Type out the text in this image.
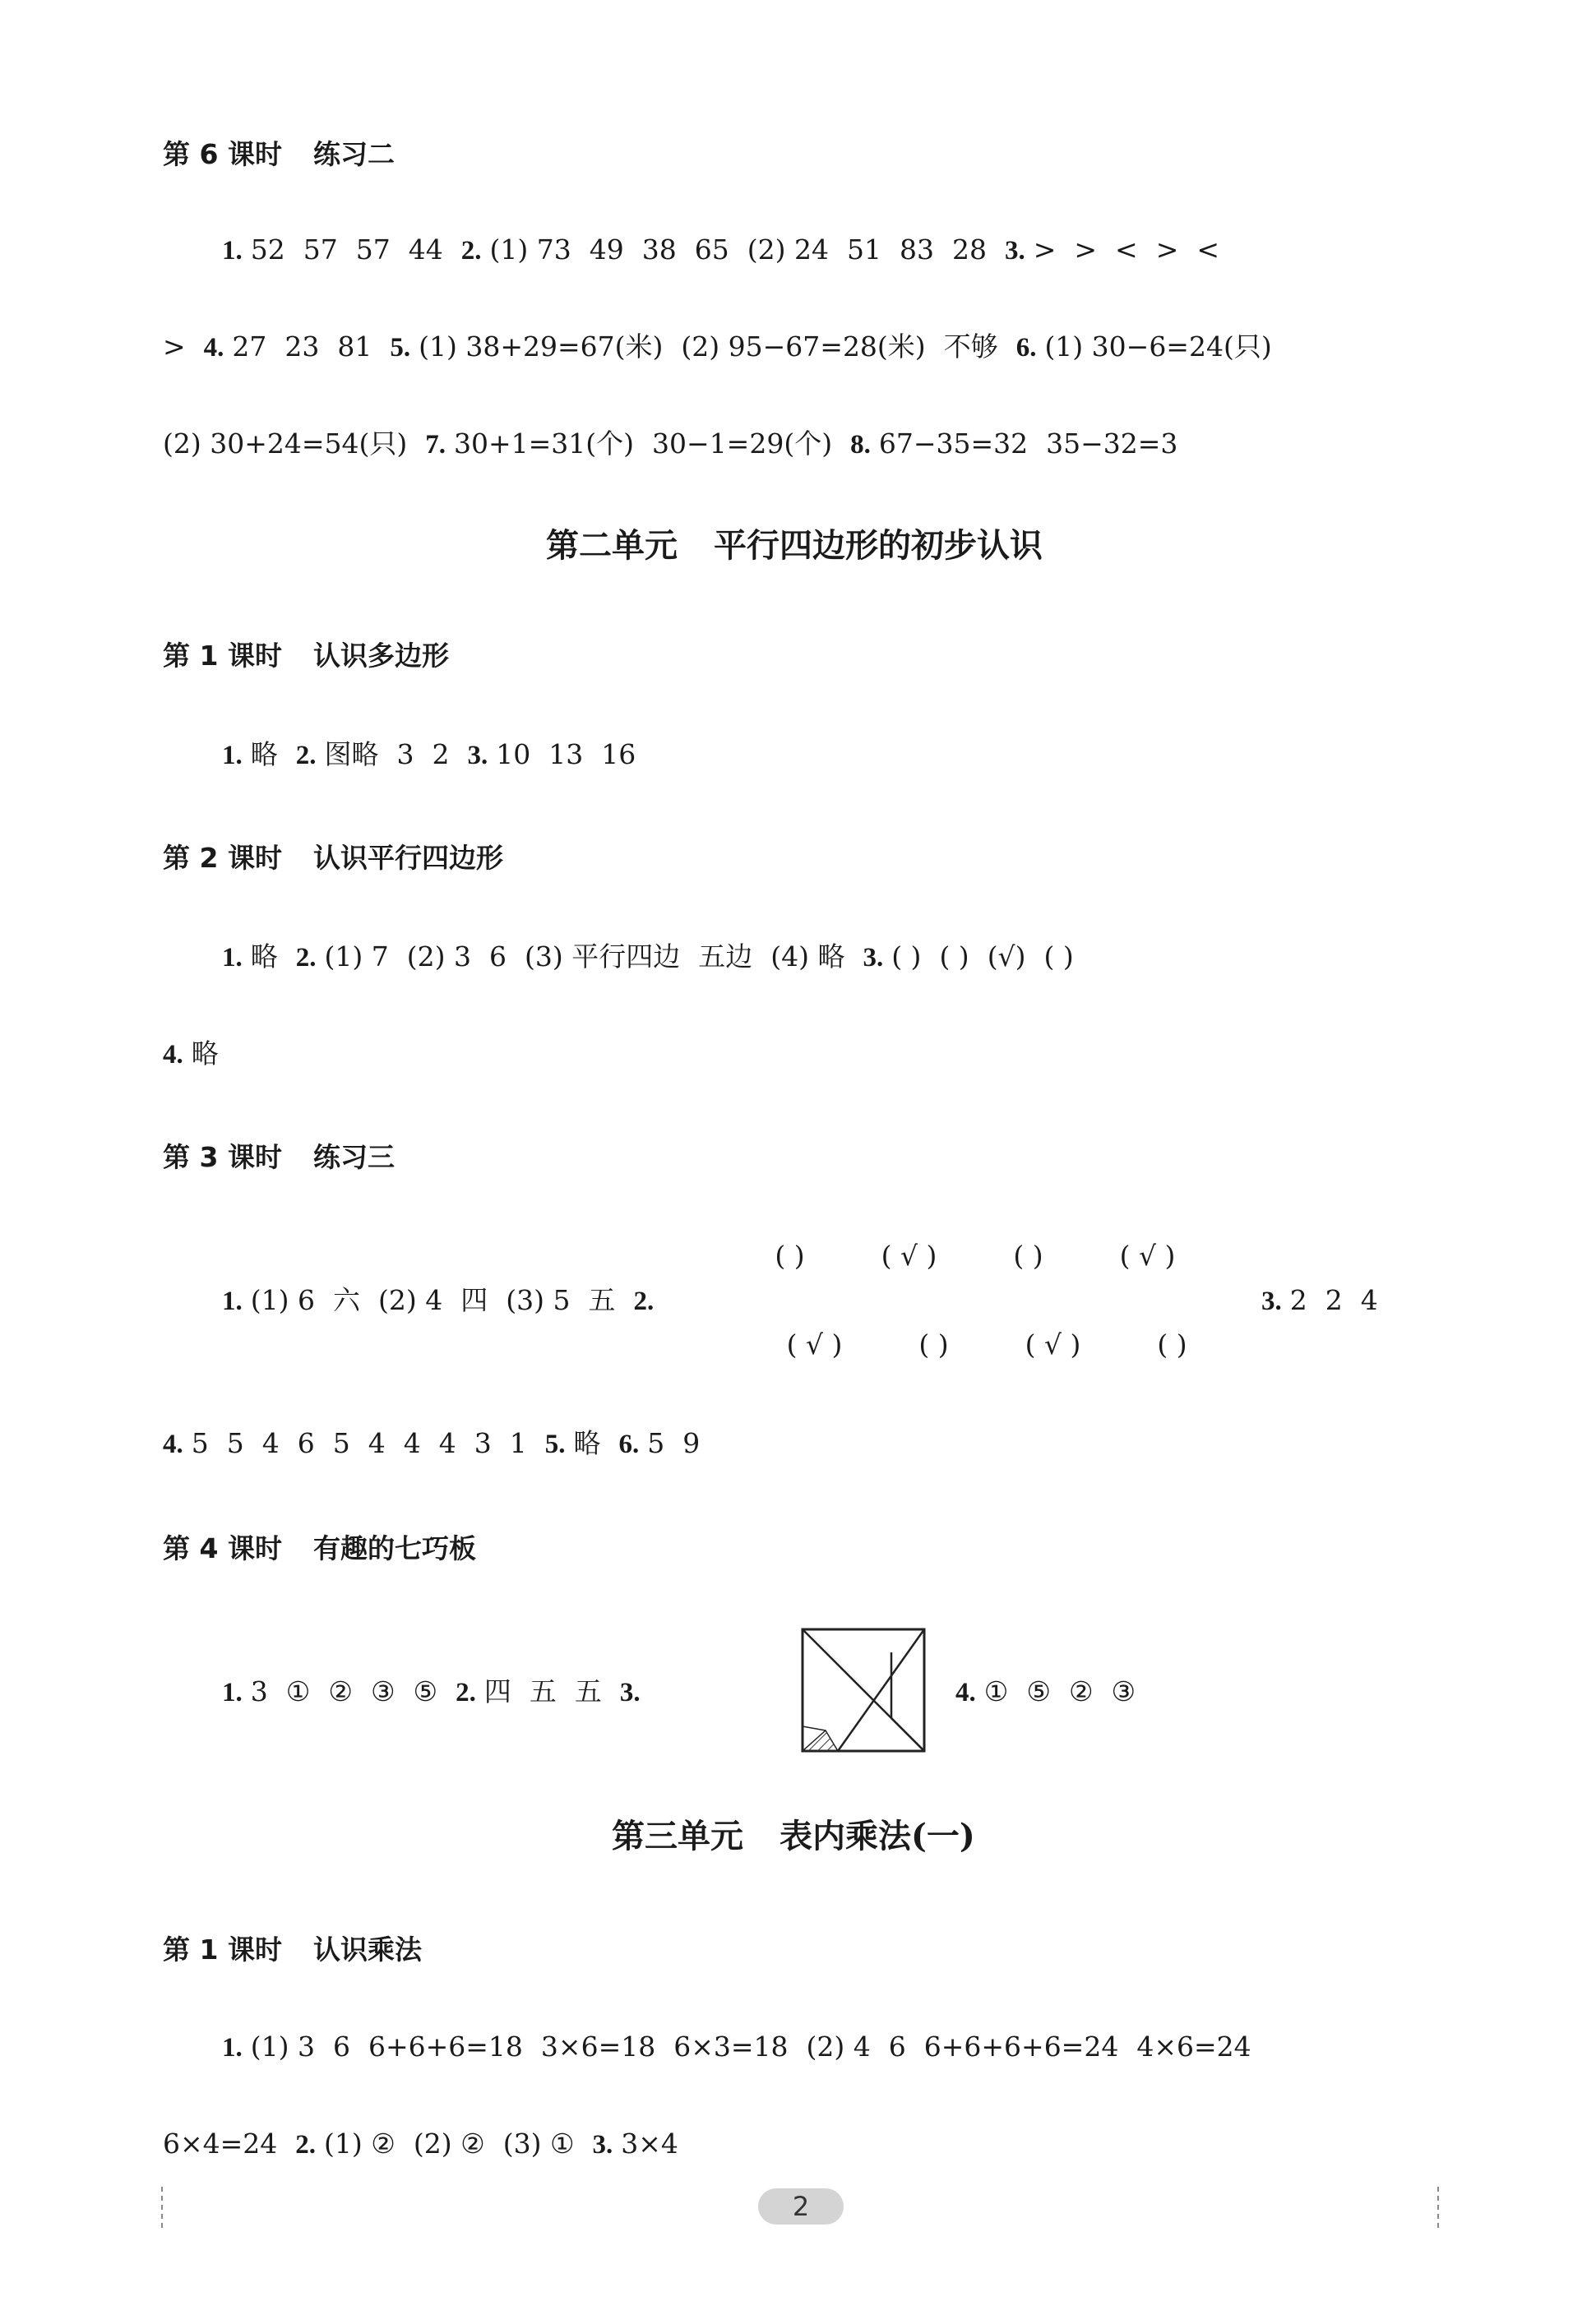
第 6 课时 练习二
1. 52 57 57 44 2. (1) 73 49 38 65 (2) 24 51 83 28 3. > > < > <
> 4. 27 23 81 5. (1) 38+29=67(米) (2) 95−67=28(米) 不够 6. (1) 30−6=24(只)
(2) 30+24=54(只) 7. 30+1=31(个) 30−1=29(个) 8. 67−35=32 35−32=3
第二单元 平行四边形的初步认识
第 1 课时 认识多边形
1. 略 2. 图略 3 2 3. 10 13 16
第 2 课时 认识平行四边形
1. 略 2. (1) 7 (2) 3 6 (3) 平行四边 五边 (4) 略 3. ( ) ( ) (√) ( )
4. 略
第 3 课时 练习三
( )	( √ )	( )	( √ )
1. (1) 6 六 (2) 4 四 (3) 5 五 2.	3. 2 2 4
( √ )	( )	( √ )	( )
4. 5 5 4 6 5 4 4 4 3 1 5. 略 6. 5 9
第 4 课时 有趣的七巧板
1. 3 ① ② ③ ⑤ 2. 四 五 五 3.	4. ① ⑤ ② ③
第三单元 表内乘法(一)
第 1 课时 认识乘法
1. (1) 3 6 6+6+6=18 3×6=18 6×3=18 (2) 4 6 6+6+6+6=24 4×6=24
6×4=24 2. (1) ② (2) ② (3) ① 3. 3×4
2
